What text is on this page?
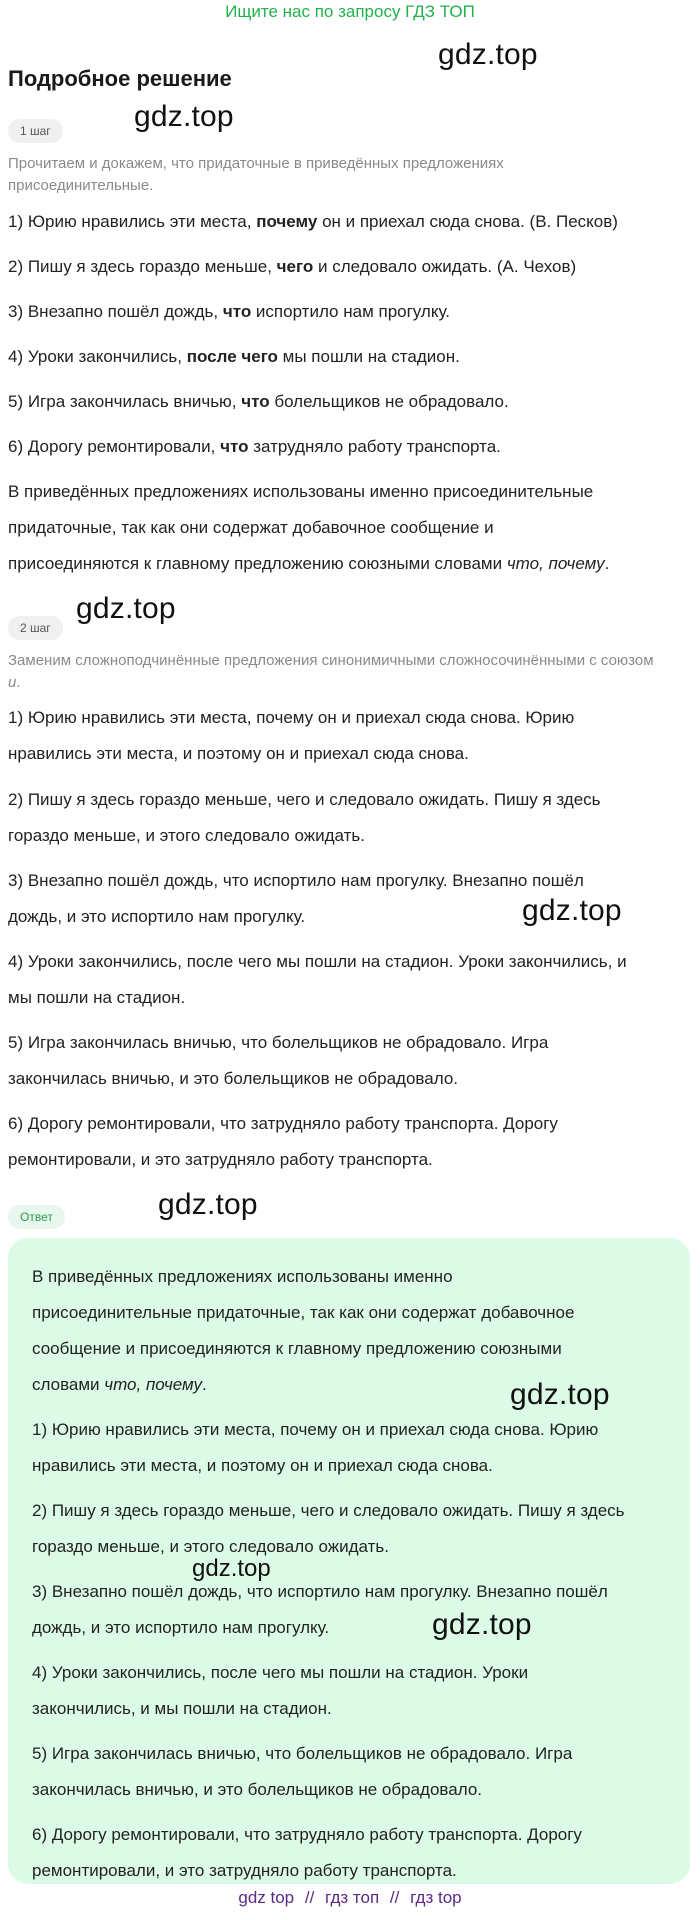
Ищите нас по запросу ГДЗ ТОП
gdz.top
Подробное решение
1 шаг	gdz.top
Прочитаем и докажем, что придаточные в приведённых предложениях присоединительные.
1) Юрию нравились эти места, почему он и приехал сюда снова. (В. Песков)
2) Пишу я здесь гораздо меньше, чего и следовало ожидать. (А. Чехов)
3) Внезапно пошёл дождь, что испортило нам прогулку.
4) Уроки закончились, после чего мы пошли на стадион.
5) Игра закончилась вничью, что болельщиков не обрадовало.
6) Дорогу ремонтировали, что затрудняло работу транспорта.
В приведённых предложениях использованы именно присоединительные
придаточные, так как они содержат добавочное сообщение и
присоединяются к главному предложению союзными словами что, почему.
gdz.top
2 шаг
Заменим сложноподчинённые предложения синонимичными сложносочинёнными с союзом и.
1) Юрию нравились эти места, почему он и приехал сюда снова. Юрию
нравились эти места, и поэтому он и приехал сюда снова.
2) Пишу я здесь гораздо меньше, чего и следовало ожидать. Пишу я здесь
гораздо меньше, и этого следовало ожидать.
3) Внезапно пошёл дождь, что испортило нам прогулку. Внезапно пошёл
дождь, и это испортило нам прогулку.	gdz.top
4) Уроки закончились, после чего мы пошли на стадион. Уроки закончились, и
мы пошли на стадион.
5) Игра закончилась вничью, что болельщиков не обрадовало. Игра
закончилась вничью, и это болельщиков не обрадовало.
6) Дорогу ремонтировали, что затрудняло работу транспорта. Дорогу
ремонтировали, и это затрудняло работу транспорта.
Ответ	gdz.top
В приведённых предложениях использованы именно
присоединительные придаточные, так как они содержат добавочное
сообщение и присоединяются к главному предложению союзными
словами что, почему.	gdz.top
1) Юрию нравились эти места, почему он и приехал сюда снова. Юрию
нравились эти места, и поэтому он и приехал сюда снова.
2) Пишу я здесь гораздо меньше, чего и следовало ожидать. Пишу я здесь
гораздо меньше, и этого следовало ожидать.
gdz.top
3) Внезапно пошёл дождь, что испортило нам прогулку. Внезапно пошёл
дождь, и это испортило нам прогулку.	gdz.top
4) Уроки закончились, после чего мы пошли на стадион. Уроки
закончились, и мы пошли на стадион.
5) Игра закончилась вничью, что болельщиков не обрадовало. Игра
закончилась вничью, и это болельщиков не обрадовало.
6) Дорогу ремонтировали, что затрудняло работу транспорта. Дорогу
ремонтировали, и это затрудняло работу транспорта.
gdz top // гдз топ // гдз top
